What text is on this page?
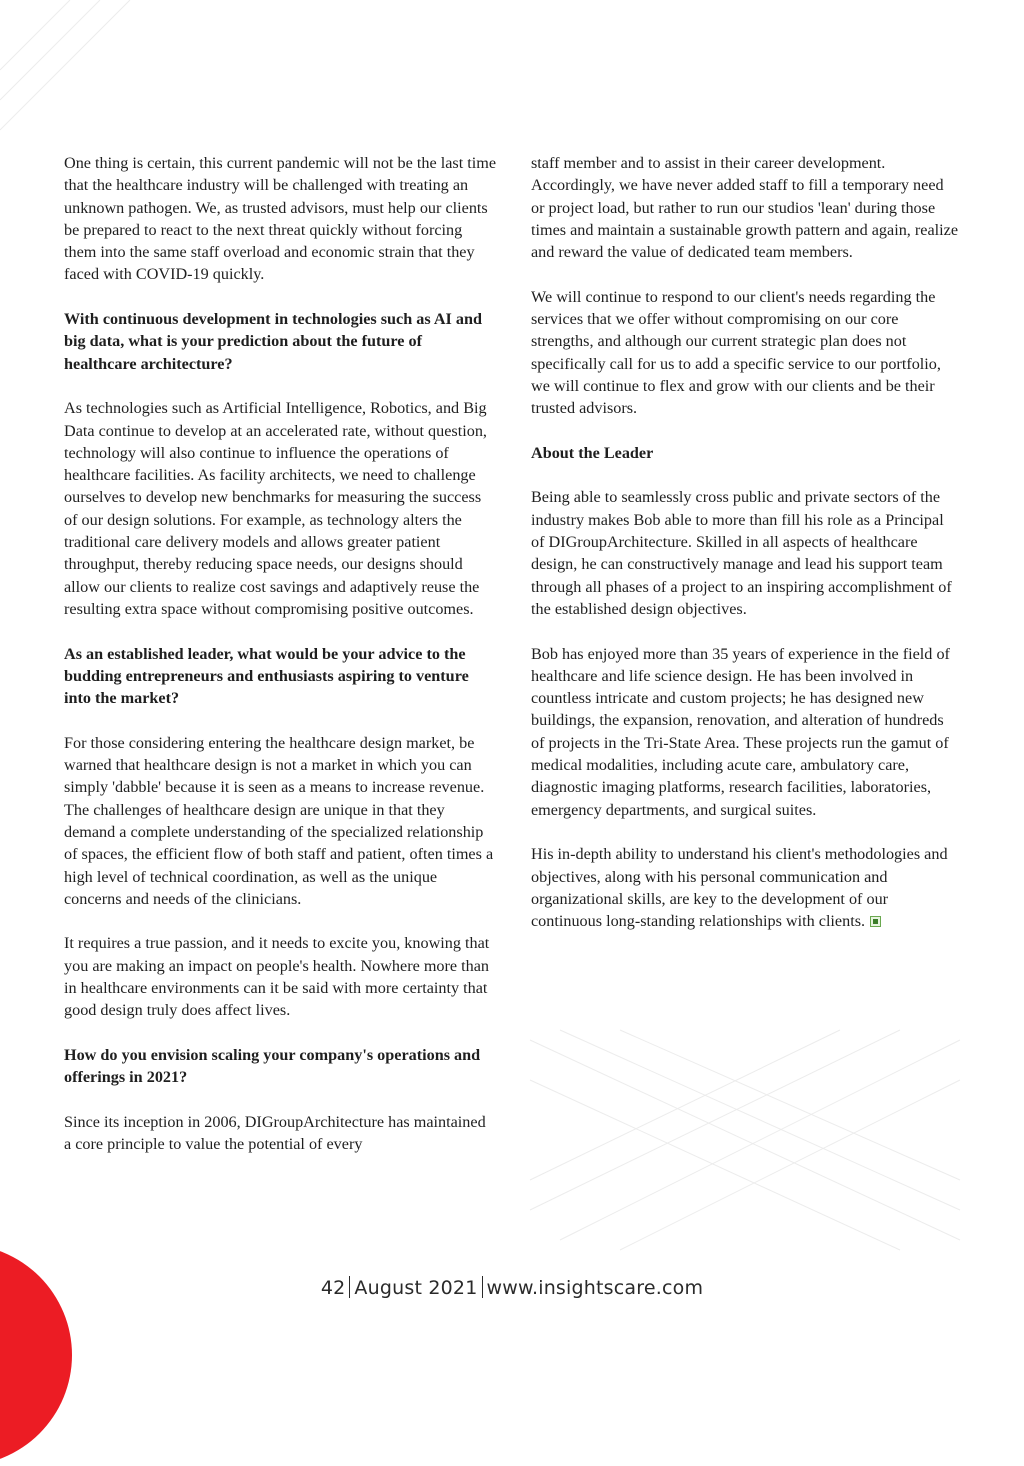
One thing is certain, this current pandemic will not be the last time that the healthcare industry will be challenged with treating an unknown pathogen. We, as trusted advisors, must help our clients be prepared to react to the next threat quickly without forcing them into the same staff overload and economic strain that they faced with COVID-19 quickly.

With continuous development in technologies such as AI and big data, what is your prediction about the future of healthcare architecture?

As technologies such as Artificial Intelligence, Robotics, and Big Data continue to develop at an accelerated rate, without question, technology will also continue to influence the operations of healthcare facilities. As facility architects, we need to challenge ourselves to develop new benchmarks for measuring the success of our design solutions. For example, as technology alters the traditional care delivery models and allows greater patient throughput, thereby reducing space needs, our designs should allow our clients to realize cost savings and adaptively reuse the resulting extra space without compromising positive outcomes.

As an established leader, what would be your advice to the budding entrepreneurs and enthusiasts aspiring to venture into the market?

For those considering entering the healthcare design market, be warned that healthcare design is not a market in which you can simply 'dabble' because it is seen as a means to increase revenue. The challenges of healthcare design are unique in that they demand a complete understanding of the specialized relationship of spaces, the efficient flow of both staff and patient, often times a high level of technical coordination, as well as the unique concerns and needs of the clinicians.

It requires a true passion, and it needs to excite you, knowing that you are making an impact on people's health. Nowhere more than in healthcare environments can it be said with more certainty that good design truly does affect lives.

How do you envision scaling your company's operations and offerings in 2021?

Since its inception in 2006, DIGroupArchitecture has maintained a core principle to value the potential of every

staff member and to assist in their career development. Accordingly, we have never added staff to fill a temporary need or project load, but rather to run our studios 'lean' during those times and maintain a sustainable growth pattern and again, realize and reward the value of dedicated team members.

We will continue to respond to our client's needs regarding the services that we offer without compromising on our core strengths, and although our current strategic plan does not specifically call for us to add a specific service to our portfolio, we will continue to flex and grow with our clients and be their trusted advisors.

About the Leader

Being able to seamlessly cross public and private sectors of the industry makes Bob able to more than fill his role as a Principal of DIGroupArchitecture. Skilled in all aspects of healthcare design, he can constructively manage and lead his support team through all phases of a project to an inspiring accomplishment of the established design objectives.

Bob has enjoyed more than 35 years of experience in the field of healthcare and life science design. He has been involved in countless intricate and custom projects; he has designed new buildings, the expansion, renovation, and alteration of hundreds of projects in the Tri-State Area. These projects run the gamut of medical modalities, including acute care, ambulatory care, diagnostic imaging platforms, research facilities, laboratories, emergency departments, and surgical suites.

His in-depth ability to understand his client's methodologies and objectives, along with his personal communication and organizational skills, are key to the development of our continuous long-standing relationships with clients.

42 August 2021 www.insightscare.com
